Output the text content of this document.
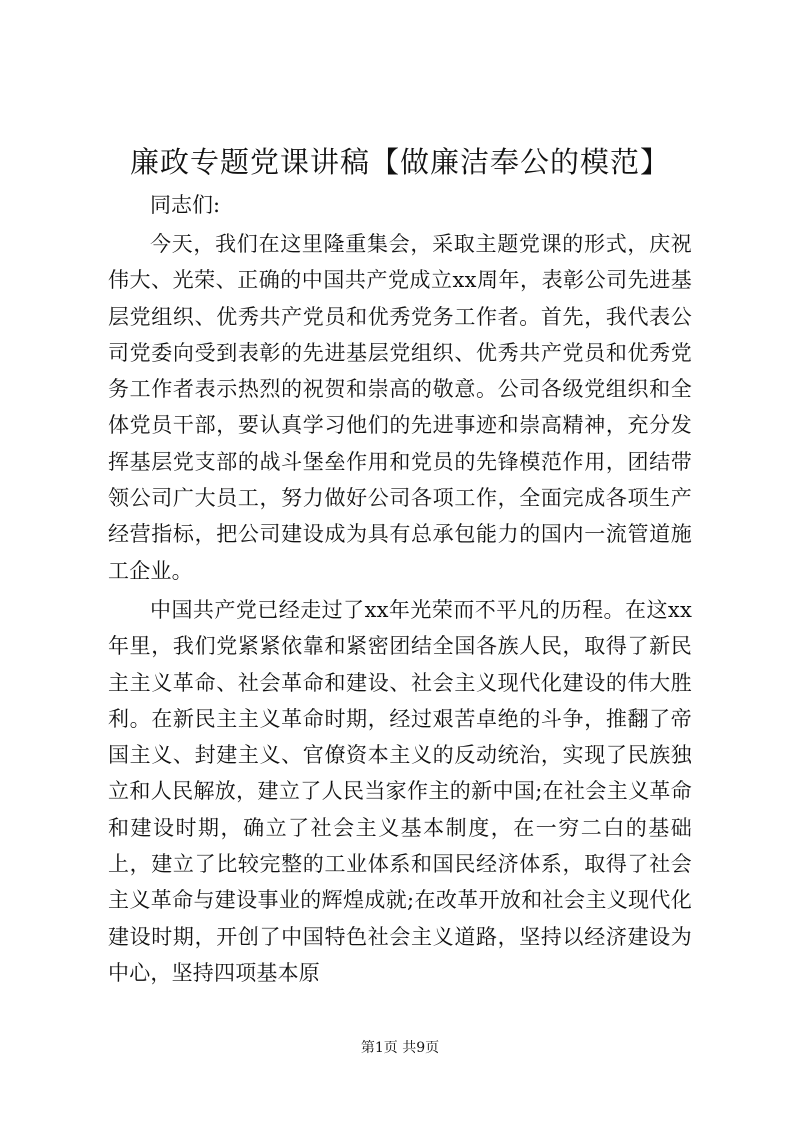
廉政专题党课讲稿【做廉洁奉公的模范】

同志们:

今天，我们在这里隆重集会，采取主题党课的形式，庆祝伟大、光荣、正确的中国共产党成立xx周年，表彰公司先进基层党组织、优秀共产党员和优秀党务工作者。首先，我代表公司党委向受到表彰的先进基层党组织、优秀共产党员和优秀党务工作者表示热烈的祝贺和崇高的敬意。公司各级党组织和全体党员干部，要认真学习他们的先进事迹和崇高精神，充分发挥基层党支部的战斗堡垒作用和党员的先锋模范作用，团结带领公司广大员工，努力做好公司各项工作，全面完成各项生产经营指标，把公司建设成为具有总承包能力的国内一流管道施工企业。

中国共产党已经走过了xx年光荣而不平凡的历程。在这xx年里，我们党紧紧依靠和紧密团结全国各族人民，取得了新民主主义革命、社会革命和建设、社会主义现代化建设的伟大胜利。在新民主主义革命时期，经过艰苦卓绝的斗争，推翻了帝国主义、封建主义、官僚资本主义的反动统治，实现了民族独立和人民解放，建立了人民当家作主的新中国;在社会主义革命和建设时期，确立了社会主义基本制度，在一穷二白的基础上，建立了比较完整的工业体系和国民经济体系，取得了社会主义革命与建设事业的辉煌成就;在改革开放和社会主义现代化建设时期，开创了中国特色社会主义道路，坚持以经济建设为中心，坚持四项基本原

第1页 共9页
